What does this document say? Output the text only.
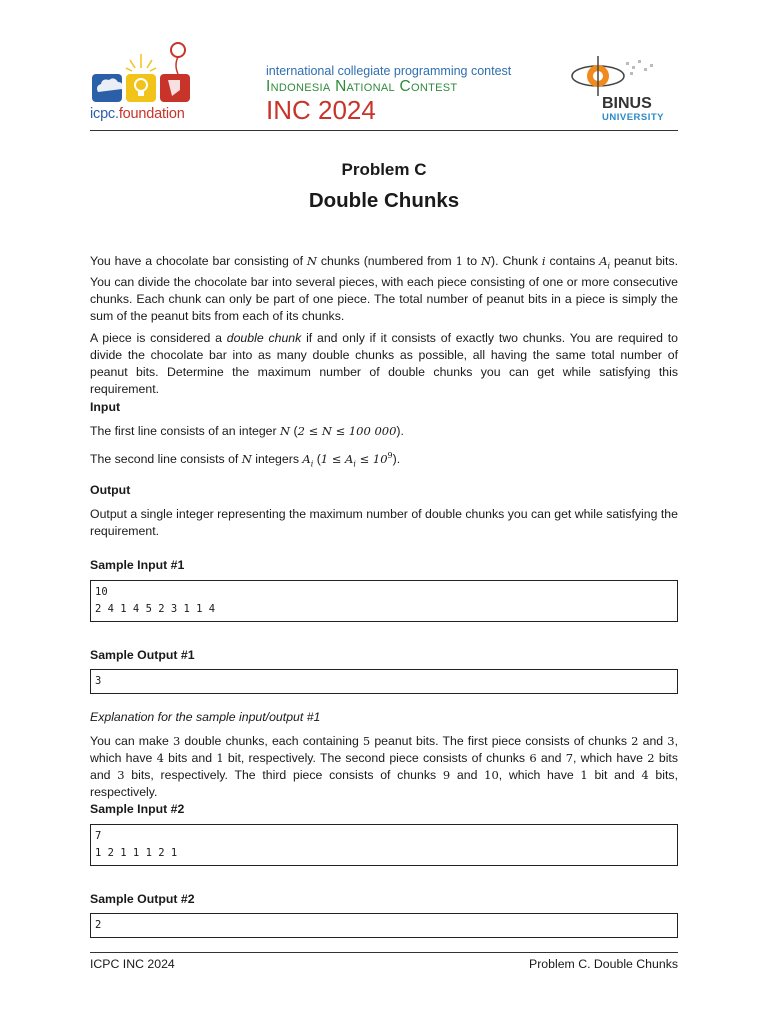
icpc.foundation
international collegiate programming contest
Indonesia National Contest
INC 2024	BINUS
UNIVERSITY
Problem C
Double Chunks
You have a chocolate bar consisting of N chunks (numbered from 1 to N). Chunk i contains $A_i$ peanut bits. You can divide the chocolate bar into several pieces, with each piece consisting of one or more consecutive chunks. Each chunk can only be part of one piece. The total number of peanut bits in a piece is simply the sum of the peanut bits from each of its chunks.
A piece is considered a double chunk if and only if it consists of exactly two chunks. You are required to divide the chocolate bar into as many double chunks as possible, all having the same total number of peanut bits. Determine the maximum number of double chunks you can get while satisfying this requirement.
Input
The first line consists of an integer N (2 ≤ N ≤ 100 000).
The second line consists of N integers $A_i$ $(1 \le A_i \le 10^9)$.
Output
Output a single integer representing the maximum number of double chunks you can get while satisfying the requirement.
Sample Input #1
10
2 4 1 4 5 2 3 1 1 4
Sample Output #1
3
Explanation for the sample input/output #1
You can make 3 double chunks, each containing 5 peanut bits. The first piece consists of chunks 2 and 3, which have 4 bits and 1 bit, respectively. The second piece consists of chunks 6 and 7, which have 2 bits and 3 bits, respectively. The third piece consists of chunks 9 and 10, which have 1 bit and 4 bits, respectively.
Sample Input #2
7
1 2 1 1 1 2 1
Sample Output #2
2
ICPC INC 2024	Problem C. Double Chunks
